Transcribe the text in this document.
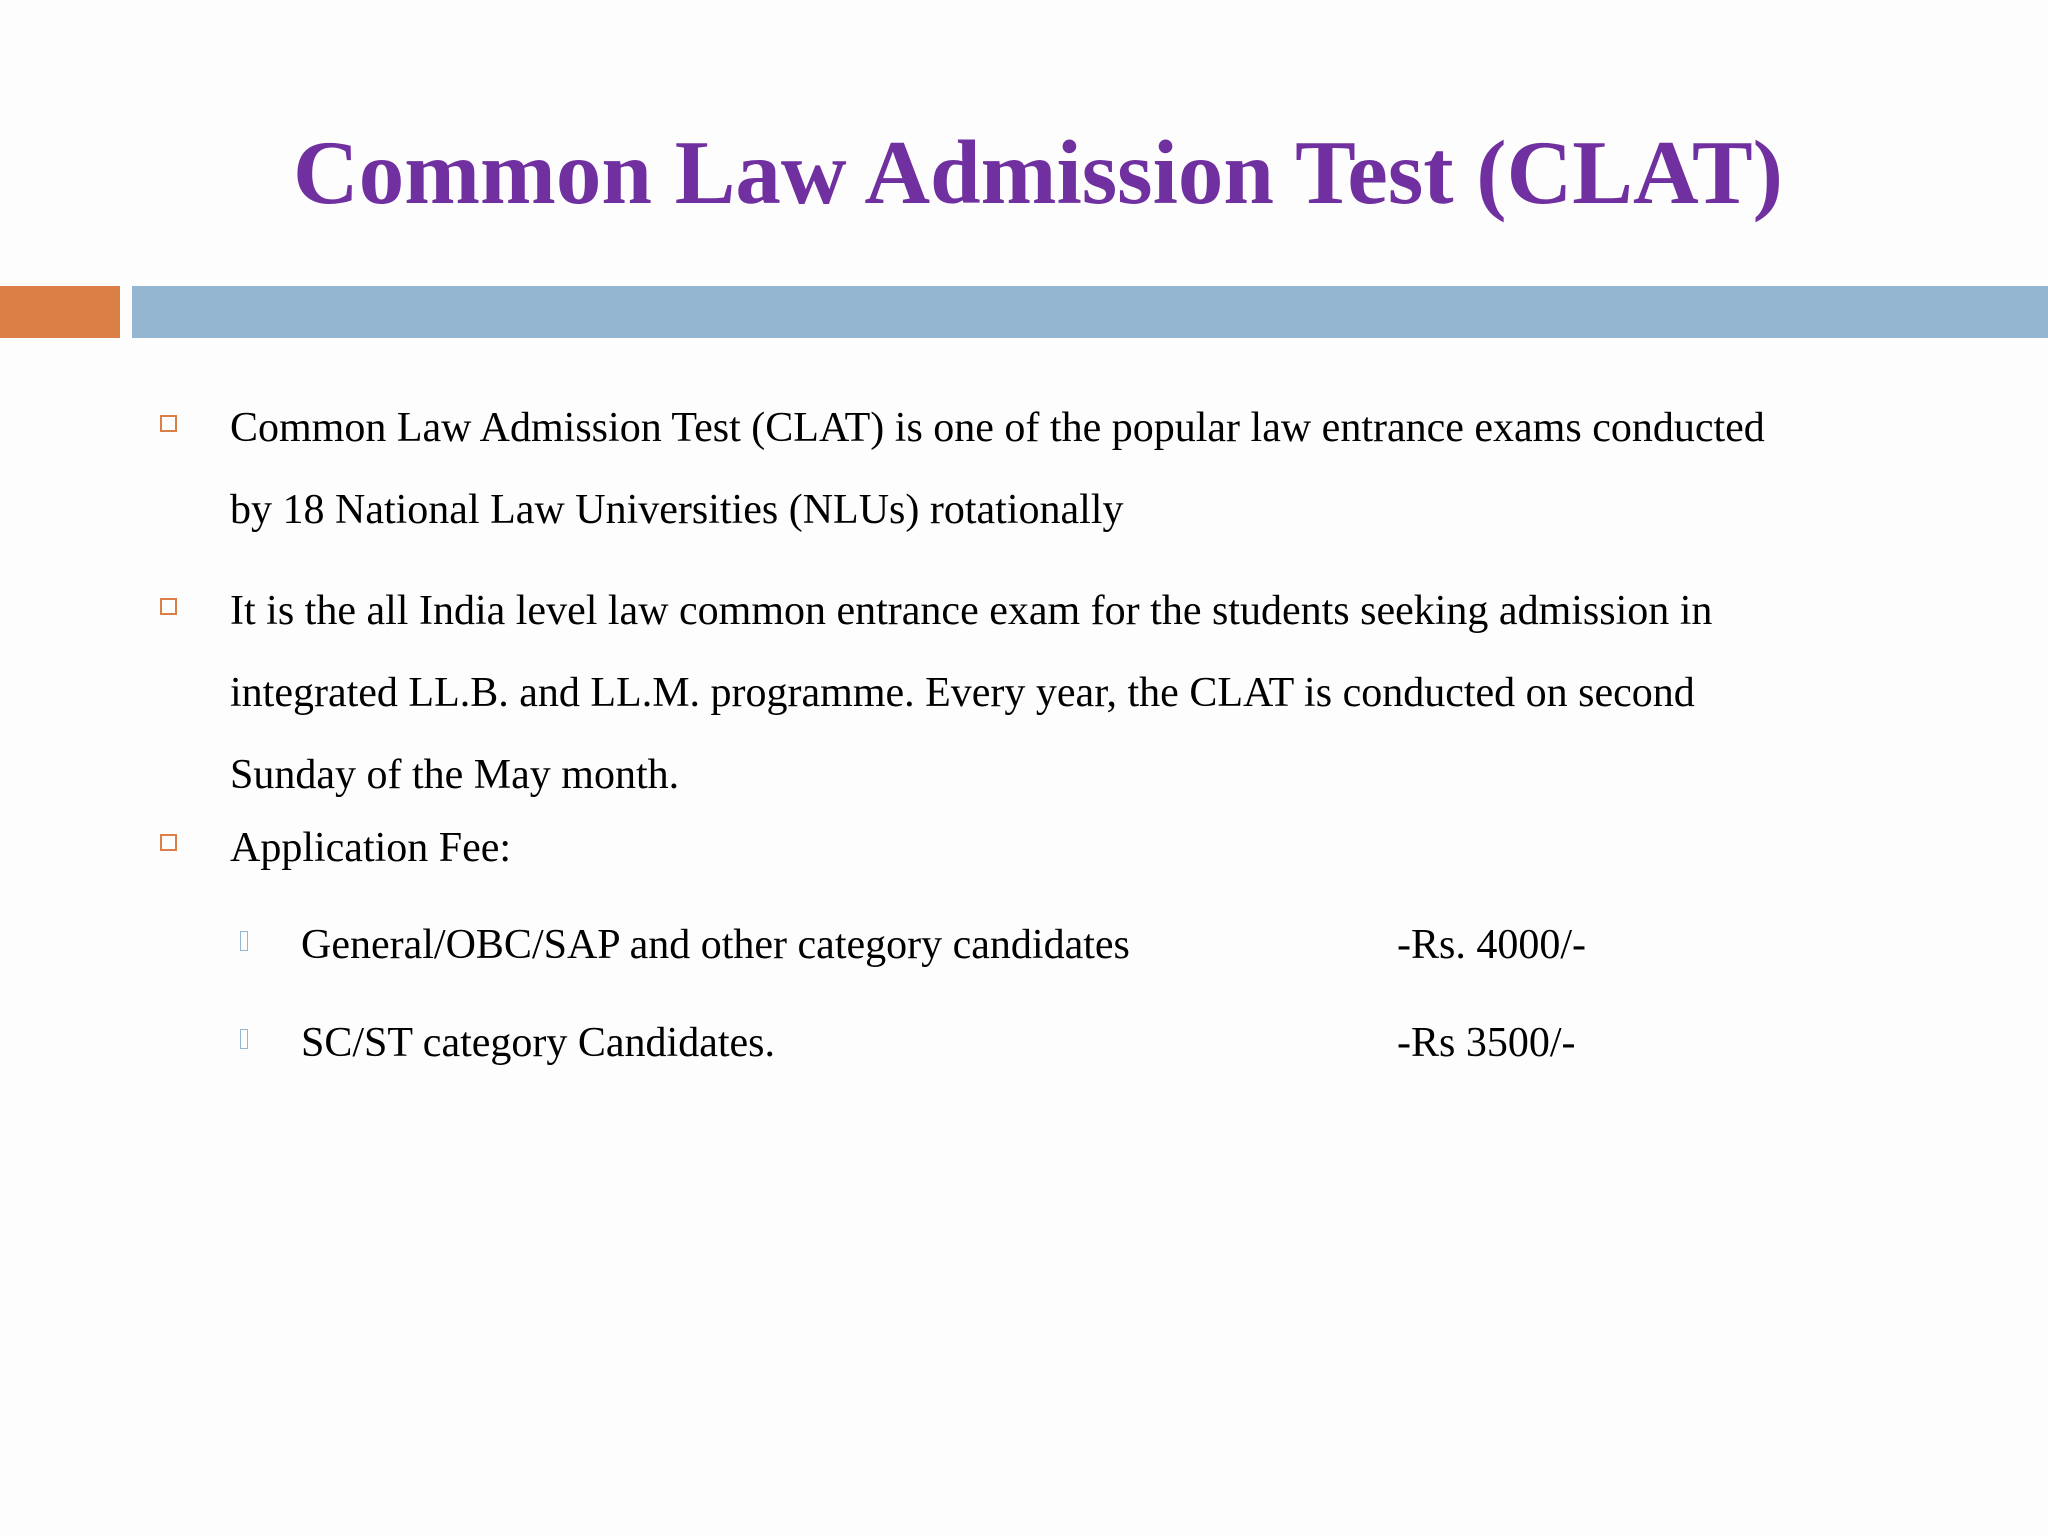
Common Law Admission Test (CLAT)
Common Law Admission Test (CLAT) is one of the popular law entrance exams conducted
by 18 National Law Universities (NLUs) rotationally
It is the all India level law common entrance exam for the students seeking admission in
integrated LL.B. and LL.M. programme. Every year, the CLAT is conducted on second
Sunday of the May month.
Application Fee:
General/OBC/SAP and other category candidates	-Rs. 4000/-
SC/ST category Candidates.	-Rs 3500/-
